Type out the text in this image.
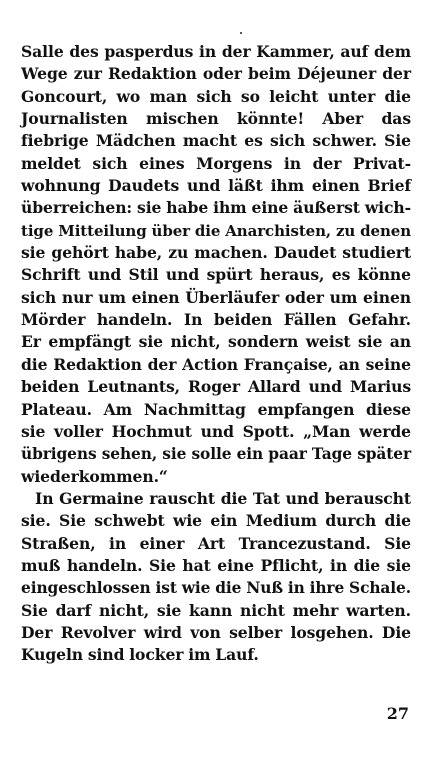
Salle des pasperdus in der Kammer, auf dem
Wege zur Redaktion oder beim Déjeuner der
Goncourt, wo man sich so leicht unter die
Journalisten mischen könnte! Aber das
fiebrige Mädchen macht es sich schwer. Sie
meldet sich eines Morgens in der Privat-
wohnung Daudets und läßt ihm einen Brief
überreichen: sie habe ihm eine äußerst wich-
tige Mitteilung über die Anarchisten, zu denen
sie gehört habe, zu machen. Daudet studiert
Schrift und Stil und spürt heraus, es könne
sich nur um einen Überläufer oder um einen
Mörder handeln. In beiden Fällen Gefahr.
Er empfängt sie nicht, sondern weist sie an
die Redaktion der Action Française, an seine
beiden Leutnants, Roger Allard und Marius
Plateau. Am Nachmittag empfangen diese
sie voller Hochmut und Spott. „Man werde
übrigens sehen, sie solle ein paar Tage später
wiederkommen.“
In Germaine rauscht die Tat und berauscht
sie. Sie schwebt wie ein Medium durch die
Straßen, in einer Art Trancezustand. Sie
muß handeln. Sie hat eine Pflicht, in die sie
eingeschlossen ist wie die Nuß in ihre Schale.
Sie darf nicht, sie kann nicht mehr warten.
Der Revolver wird von selber losgehen. Die
Kugeln sind locker im Lauf.
27
